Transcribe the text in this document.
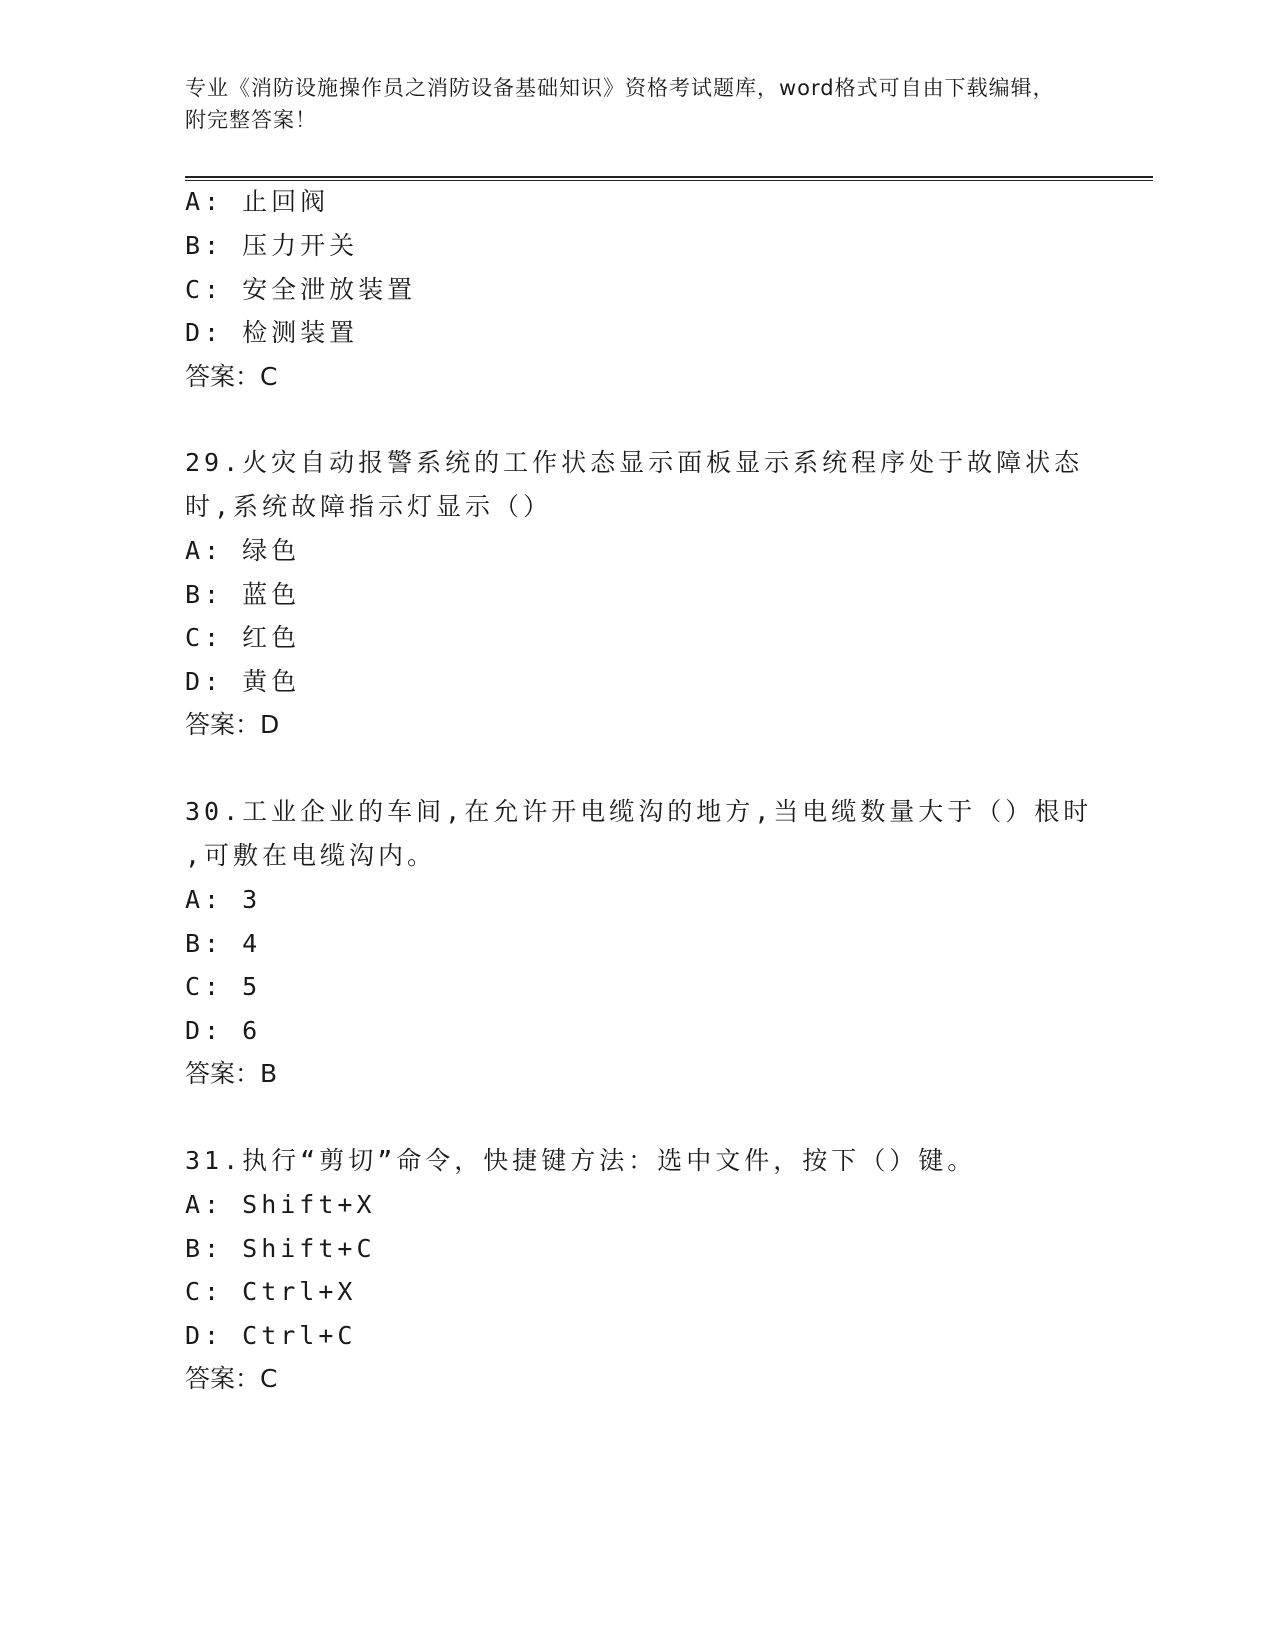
专业《消防设施操作员之消防设备基础知识》资格考试题库，word格式可自由下载编辑，附完整答案！
A: 止回阀
B: 压力开关
C: 安全泄放装置
D: 检测装置
答案：C
29.火灾自动报警系统的工作状态显示面板显示系统程序处于故障状态
时,系统故障指示灯显示（）
A: 绿色
B: 蓝色
C: 红色
D: 黄色
答案：D
30.工业企业的车间,在允许开电缆沟的地方,当电缆数量大于（）根时
,可敷在电缆沟内。
A: 3
B: 4
C: 5
D: 6
答案：B
31.执行“剪切”命令，快捷键方法：选中文件，按下（）键。
A: Shift+X
B: Shift+C
C: Ctrl+X
D: Ctrl+C
答案：C
